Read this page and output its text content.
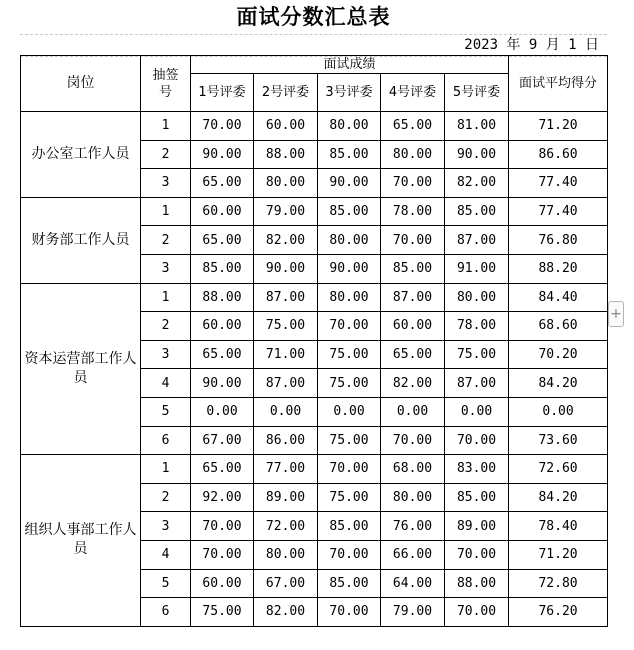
面试分数汇总表
2023 年 9 月 1 日
岗位	抽签号	面试成绩					面试平均得分
		1号评委	2号评委	3号评委	4号评委	5号评委	
办公室工作人员	1	70.00	60.00	80.00	65.00	81.00	71.20
	2	90.00	88.00	85.00	80.00	90.00	86.60
	3	65.00	80.00	90.00	70.00	82.00	77.40
财务部工作人员	1	60.00	79.00	85.00	78.00	85.00	77.40
	2	65.00	82.00	80.00	70.00	87.00	76.80
	3	85.00	90.00	90.00	85.00	91.00	88.20
资本运营部工作人员	1	88.00	87.00	80.00	87.00	80.00	84.40
	2	60.00	75.00	70.00	60.00	78.00	68.60
	3	65.00	71.00	75.00	65.00	75.00	70.20
	4	90.00	87.00	75.00	82.00	87.00	84.20
	5	0.00	0.00	0.00	0.00	0.00	0.00
	6	67.00	86.00	75.00	70.00	70.00	73.60
组织人事部工作人员	1	65.00	77.00	70.00	68.00	83.00	72.60
	2	92.00	89.00	75.00	80.00	85.00	84.20
	3	70.00	72.00	85.00	76.00	89.00	78.40
	4	70.00	80.00	70.00	66.00	70.00	71.20
	5	60.00	67.00	85.00	64.00	88.00	72.80
	6	75.00	82.00	70.00	79.00	70.00	76.20
+
